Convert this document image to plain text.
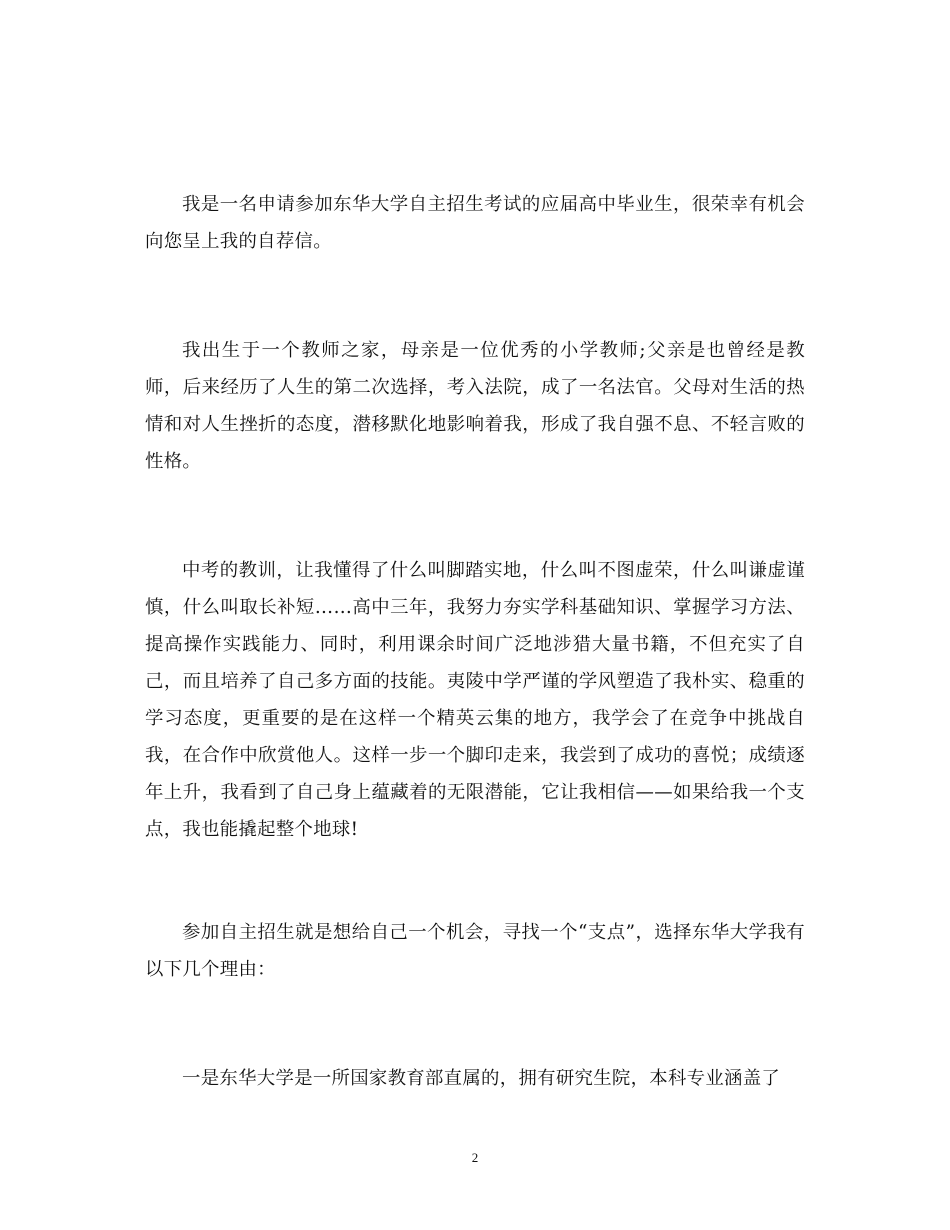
我是一名申请参加东华大学自主招生考试的应届高中毕业生，很荣幸有机会向您呈上我的自荐信。

我出生于一个教师之家，母亲是一位优秀的小学教师;父亲是也曾经是教师，后来经历了人生的第二次选择，考入法院，成了一名法官。父母对生活的热情和对人生挫折的态度，潜移默化地影响着我，形成了我自强不息、不轻言败的性格。

中考的教训，让我懂得了什么叫脚踏实地，什么叫不图虚荣，什么叫谦虚谨慎，什么叫取长补短……高中三年，我努力夯实学科基础知识、掌握学习方法、提高操作实践能力、同时，利用课余时间广泛地涉猎大量书籍，不但充实了自己，而且培养了自己多方面的技能。夷陵中学严谨的学风塑造了我朴实、稳重的学习态度，更重要的是在这样一个精英云集的地方，我学会了在竞争中挑战自我，在合作中欣赏他人。这样一步一个脚印走来，我尝到了成功的喜悦；成绩逐年上升，我看到了自己身上蕴藏着的无限潜能，它让我相信——如果给我一个支点，我也能撬起整个地球!

参加自主招生就是想给自己一个机会，寻找一个“支点”，选择东华大学我有以下几个理由：

一是东华大学是一所国家教育部直属的，拥有研究生院，本科专业涵盖了

2
